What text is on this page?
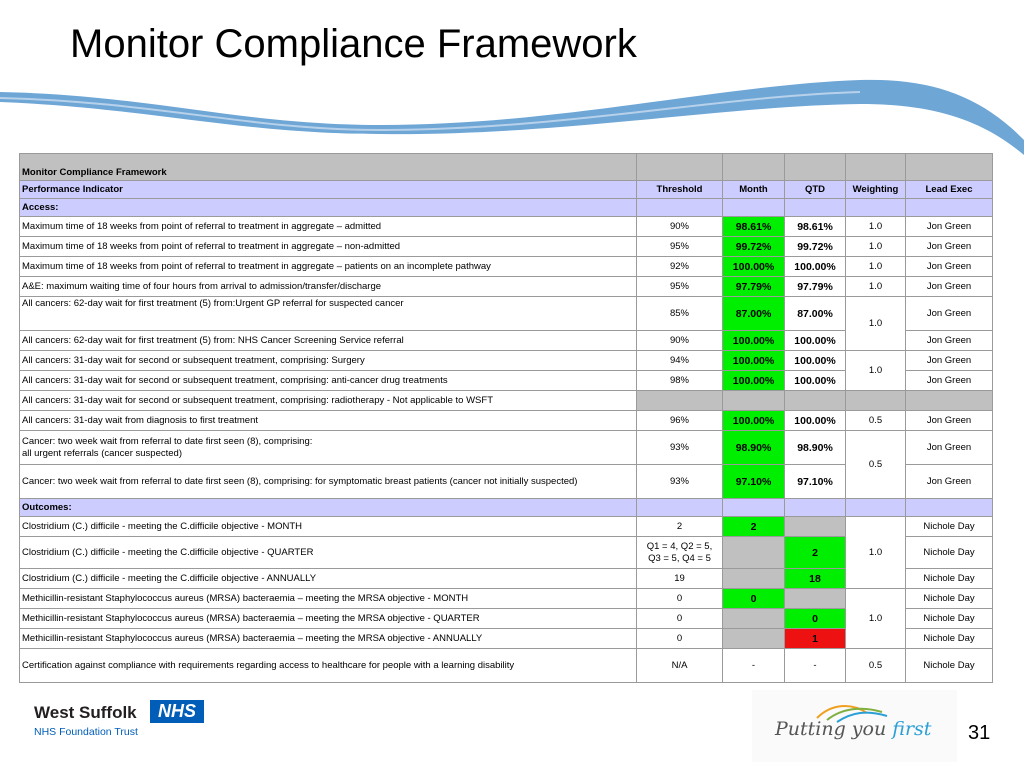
Monitor Compliance Framework
Monitor Compliance Framework					
Performance Indicator	Threshold	Month	QTD	Weighting	Lead Exec
Access:					
Maximum time of 18 weeks from point of referral to treatment in aggregate – admitted	90%	98.61%	98.61%	1.0	Jon Green
Maximum time of 18 weeks from point of referral to treatment in aggregate – non-admitted	95%	99.72%	99.72%	1.0	Jon Green
Maximum time of 18 weeks from point of referral to treatment in aggregate – patients on an incomplete pathway	92%	100.00%	100.00%	1.0	Jon Green
A&E: maximum waiting time of four hours from arrival to admission/transfer/discharge	95%	97.79%	97.79%	1.0	Jon Green
All cancers: 62-day wait for first treatment (5) from:Urgent GP referral for suspected cancer	85%	87.00%	87.00%	1.0	Jon Green
All cancers: 62-day wait for first treatment (5) from: NHS Cancer Screening Service referral	90%	100.00%	100.00%		Jon Green
All cancers: 31-day wait for second or subsequent treatment, comprising: Surgery	94%	100.00%	100.00%	1.0	Jon Green
All cancers: 31-day wait for second or subsequent treatment, comprising: anti-cancer drug treatments	98%	100.00%	100.00%		Jon Green
All cancers: 31-day wait for second or subsequent treatment, comprising: radiotherapy - Not applicable to WSFT					
All cancers: 31-day wait from diagnosis to first treatment	96%	100.00%	100.00%	0.5	Jon Green
Cancer: two week wait from referral to date first seen (8), comprising:
all urgent referrals (cancer suspected)	93%	98.90%	98.90%	0.5	Jon Green
Cancer: two week wait from referral to date first seen (8), comprising: for symptomatic breast patients (cancer not initially suspected)	93%	97.10%	97.10%		Jon Green
Outcomes:					
Clostridium (C.) difficile - meeting the C.difficile objective - MONTH	2	2		1.0	Nichole Day
Clostridium (C.) difficile - meeting the C.difficile objective - QUARTER	Q1 = 4, Q2 = 5,
Q3 = 5, Q4 = 5		2		Nichole Day
Clostridium (C.) difficile - meeting the C.difficile objective - ANNUALLY	19		18		Nichole Day
Methicillin-resistant Staphylococcus aureus (MRSA) bacteraemia – meeting the MRSA objective - MONTH	0	0		1.0	Nichole Day
Methicillin-resistant Staphylococcus aureus (MRSA) bacteraemia – meeting the MRSA objective - QUARTER	0		0		Nichole Day
Methicillin-resistant Staphylococcus aureus (MRSA) bacteraemia – meeting the MRSA objective - ANNUALLY	0		1		Nichole Day
Certification against compliance with requirements regarding access to healthcare for people with a learning disability	N/A	-	-	0.5	Nichole Day
West Suffolk	NHS
NHS Foundation Trust	Putting you first 31
